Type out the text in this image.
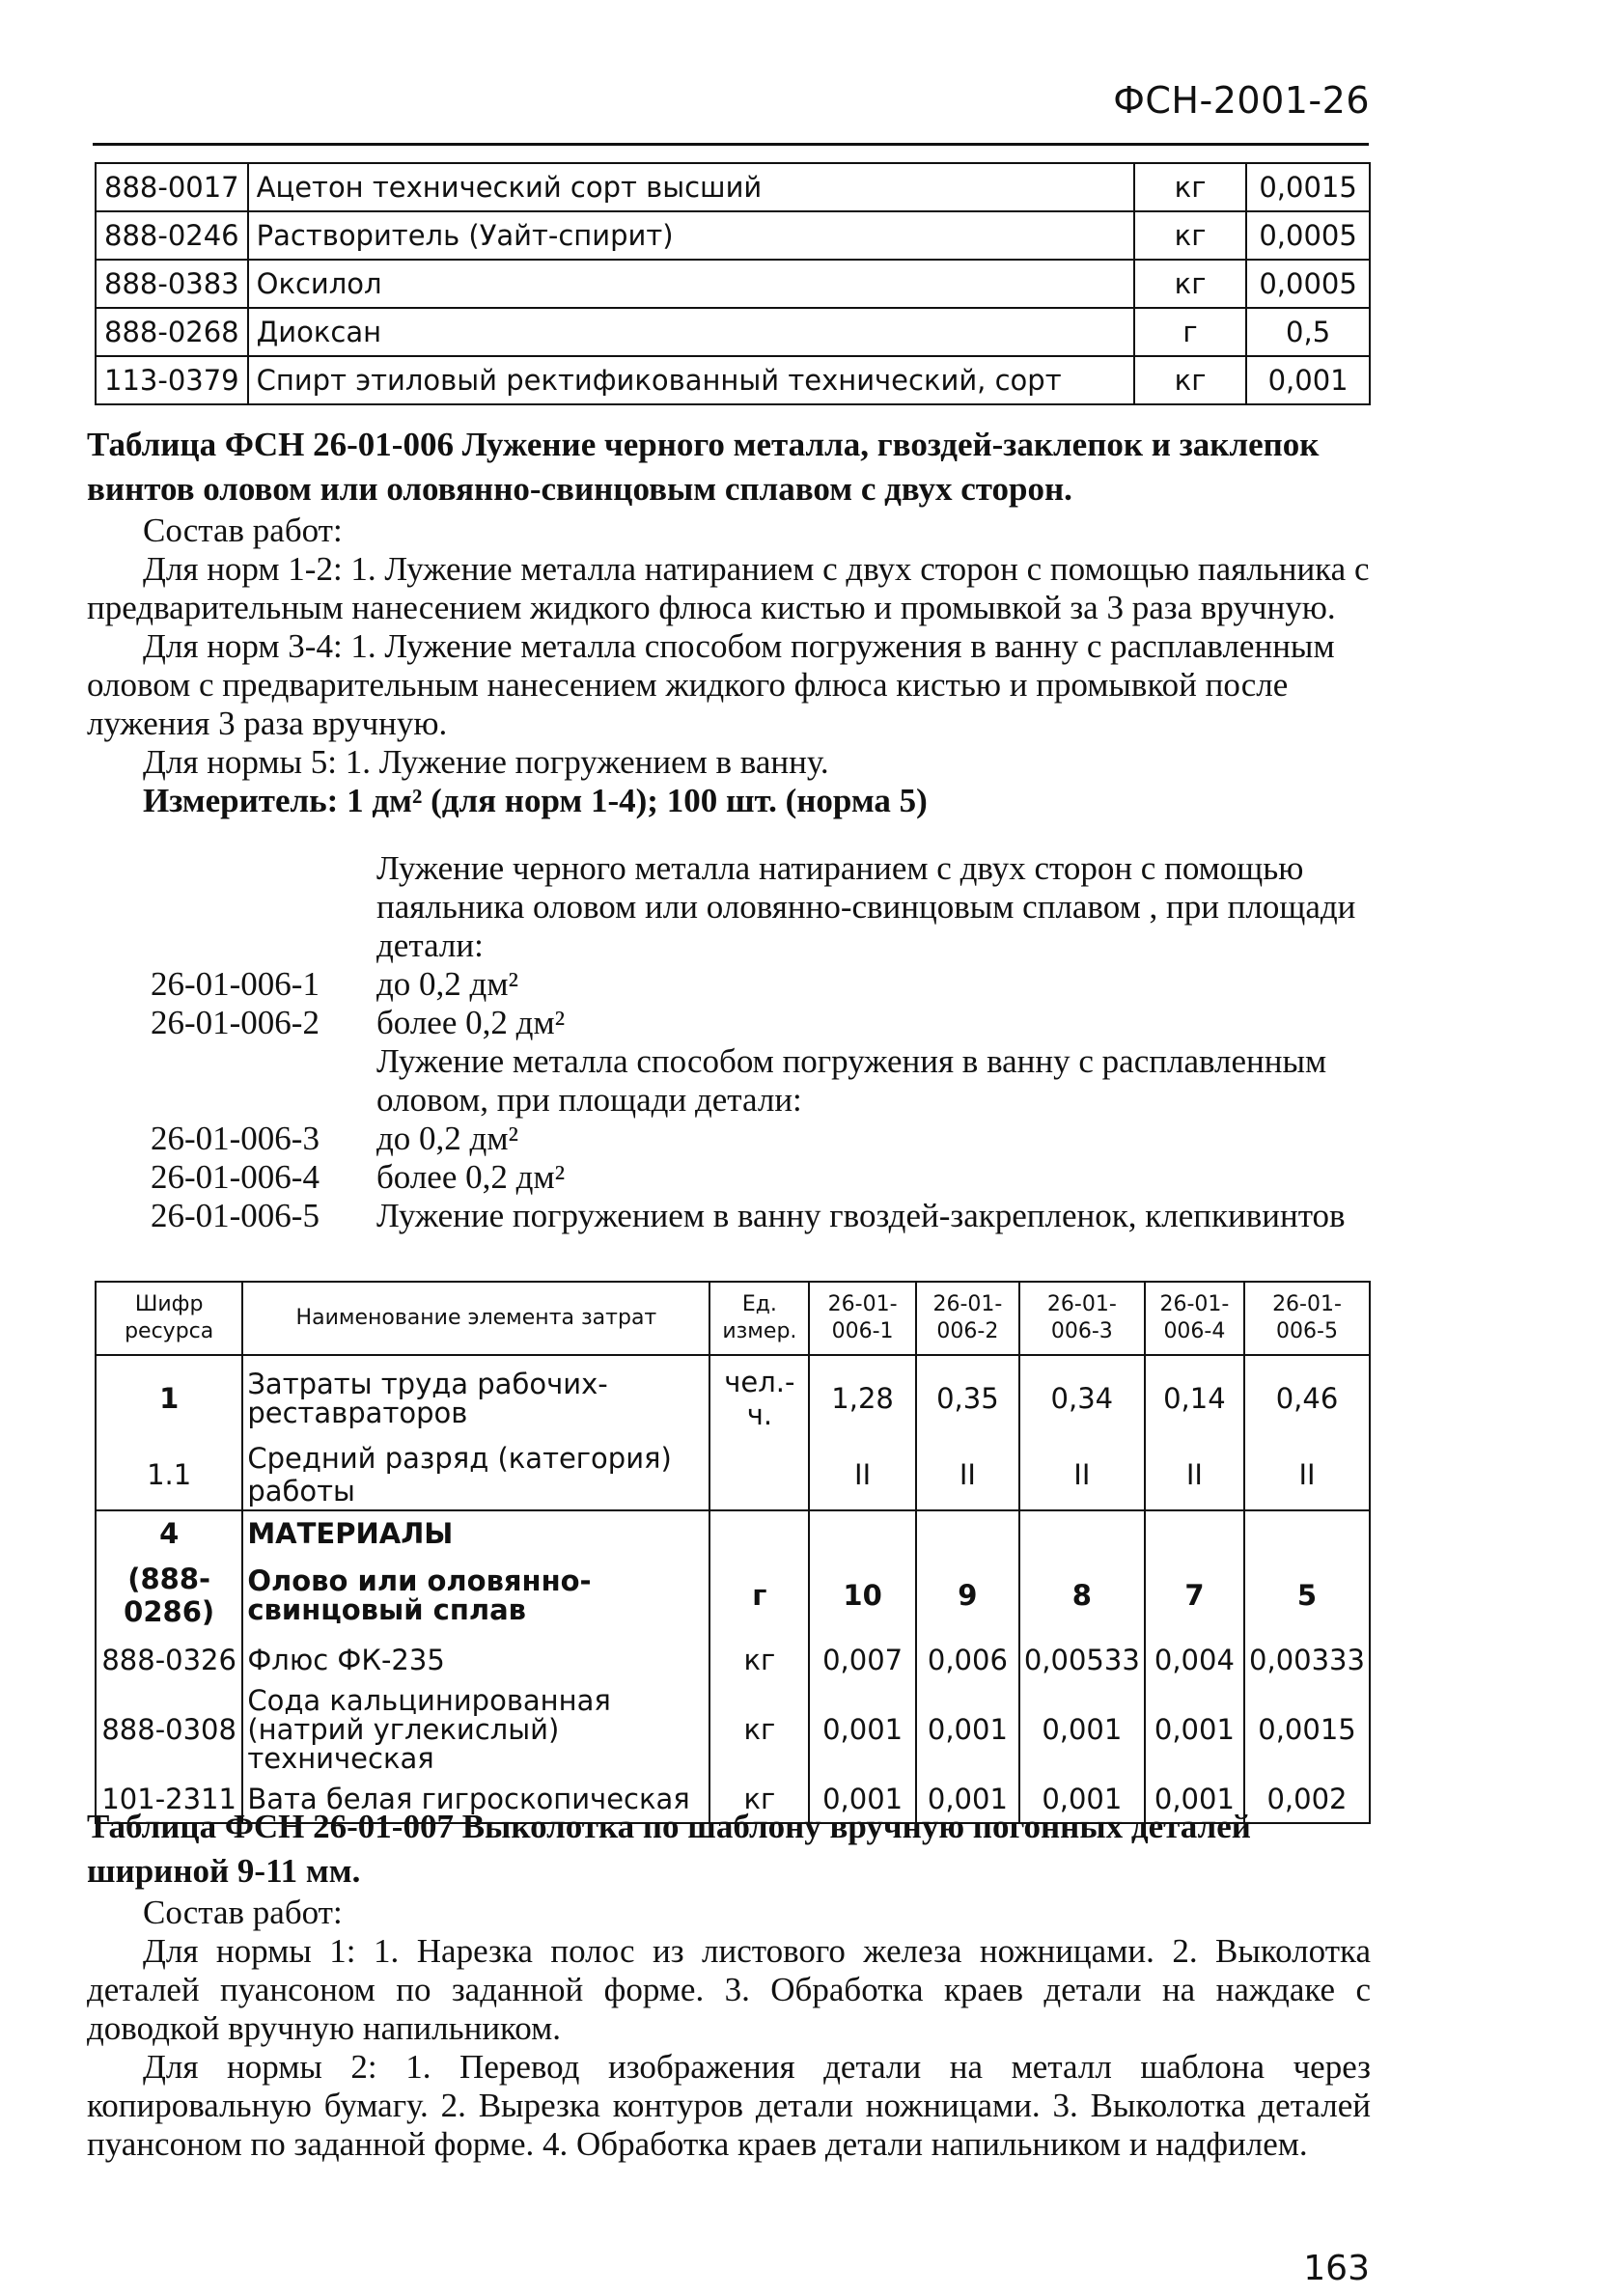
ФСН-2001-26
888-0017	Ацетон технический сорт высший	кг	0,0015
888-0246	Растворитель (Уайт-спирит)	кг	0,0005
888-0383	Оксилол	кг	0,0005
888-0268	Диоксан	г	0,5
113-0379	Спирт этиловый ректификованный технический, сорт	кг	0,001
Таблица ФСН 26-01-006 Лужение черного металла, гвоздей-заклепок и заклепок винтов оловом или оловянно-свинцовым сплавом с двух сторон.
Состав работ:
Для норм 1-2: 1. Лужение металла натиранием с двух сторон с помощью паяльника с предварительным нанесением жидкого флюса кистью и промывкой за 3 раза вручную.
Для норм 3-4: 1. Лужение металла способом погружения в ванну с расплавленным оловом с предварительным нанесением жидкого флюса кистью и промывкой после лужения 3 раза вручную.
Для нормы 5: 1. Лужение погружением в ванну.
Измеритель: 1 дм² (для норм 1-4); 100 шт. (норма 5)
Лужение черного металла натиранием с двух сторон с помощью паяльника оловом или оловянно-свинцовым сплавом , при площади детали:
26-01-006-1	до 0,2 дм²
26-01-006-2	более 0,2 дм²
Лужение металла способом погружения в ванну с расплавленным оловом, при площади детали:
26-01-006-3	до 0,2 дм²
26-01-006-4	более 0,2 дм²
26-01-006-5	Лужение погружением в ванну гвоздей-закрепленок, клепкивинтов
Шифр ресурса	Наименование элемента затрат	Ед. измер.	26-01-006-1	26-01-006-2	26-01-006-3	26-01-006-4	26-01-006-5
1	Затраты труда рабочих-реставраторов	чел.-ч.	1,28	0,35	0,34	0,14	0,46
1.1	Средний разряд (категория) работы		II	II	II	II	II
4	МАТЕРИАЛЫ						
(888-0286)	Олово или оловянно-свинцовый сплав	г	10	9	8	7	5
888-0326	Флюс ФК-235	кг	0,007	0,006	0,00533	0,004	0,00333
888-0308	Сода кальцинированная (натрий углекислый) техническая	кг	0,001	0,001	0,001	0,001	0,0015
101-2311	Вата белая гигроскопическая	кг	0,001	0,001	0,001	0,001	0,002
Таблица ФСН 26-01-007 Выколотка по шаблону вручную погонных деталей шириной 9-11 мм.
Состав работ:
Для нормы 1: 1. Нарезка полос из листового железа ножницами. 2. Выколотка деталей пуансоном по заданной форме. 3. Обработка краев детали на наждаке с доводкой вручную напильником.
Для нормы 2: 1. Перевод изображения детали на металл шаблона через копировальную бумагу. 2. Вырезка контуров детали ножницами. 3. Выколотка деталей пуансоном по заданной форме. 4. Обработка краев детали напильником и надфилем.
163
